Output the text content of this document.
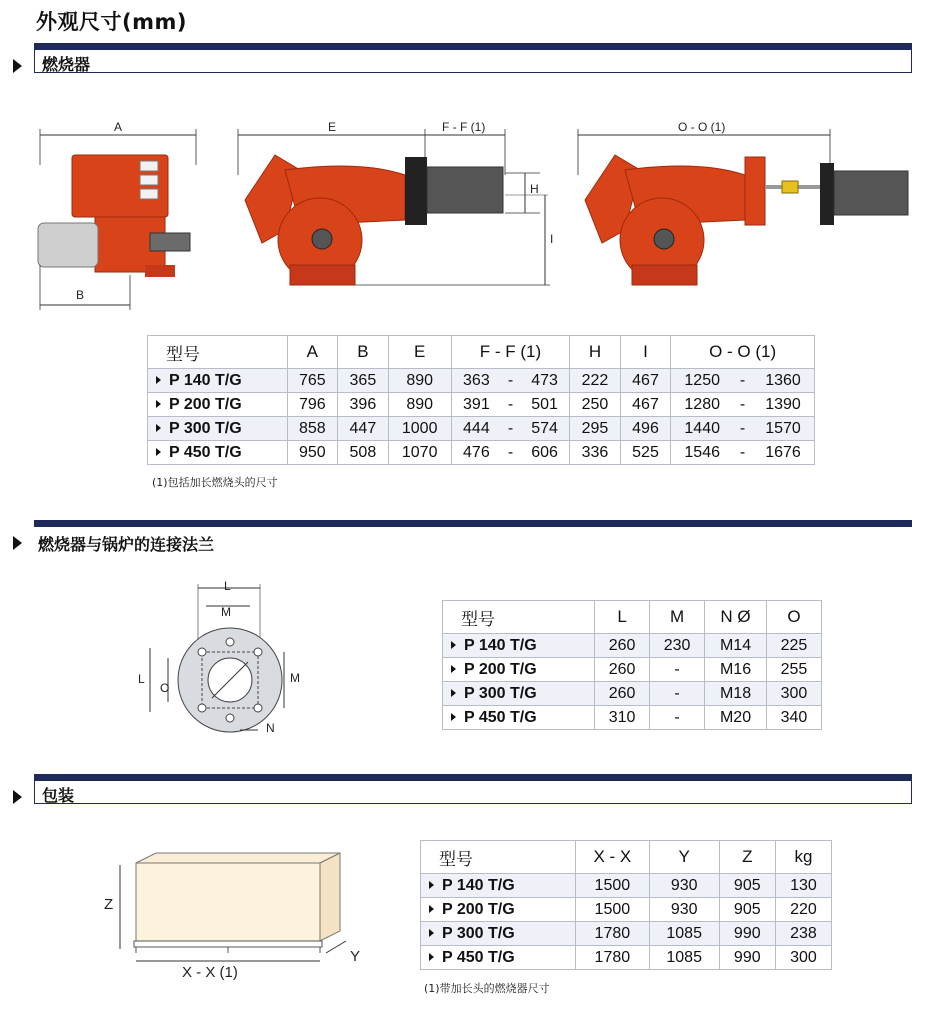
外观尺寸(mm)
燃烧器
A
B
E	F - F (1)
H
I
O - O (1)
型号	A	B	E	F - F (1)			H	I	O - O (1)		
P 140 T/G	765	365	890	363	-	473	222	467	1250	-	1360
P 200 T/G	796	396	890	391	-	501	250	467	1280	-	1390
P 300 T/G	858	447	1000	444	-	574	295	496	1440	-	1570
P 450 T/G	950	508	1070	476	-	606	336	525	1546	-	1676
(1)包括加长燃烧头的尺寸
燃烧器与锅炉的连接法兰
L
M
L
O
M
N
型号	L	M	N Ø	O
P 140 T/G	260	230	M14	225
P 200 T/G	260	-	M16	255
P 300 T/G	260	-	M18	300
P 450 T/G	310	-	M20	340
包装
Z
X - X (1)
Y
型号	X - X	Y	Z	kg
P 140 T/G	1500	930	905	130
P 200 T/G	1500	930	905	220
P 300 T/G	1780	1085	990	238
P 450 T/G	1780	1085	990	300
(1)带加长头的燃烧器尺寸
